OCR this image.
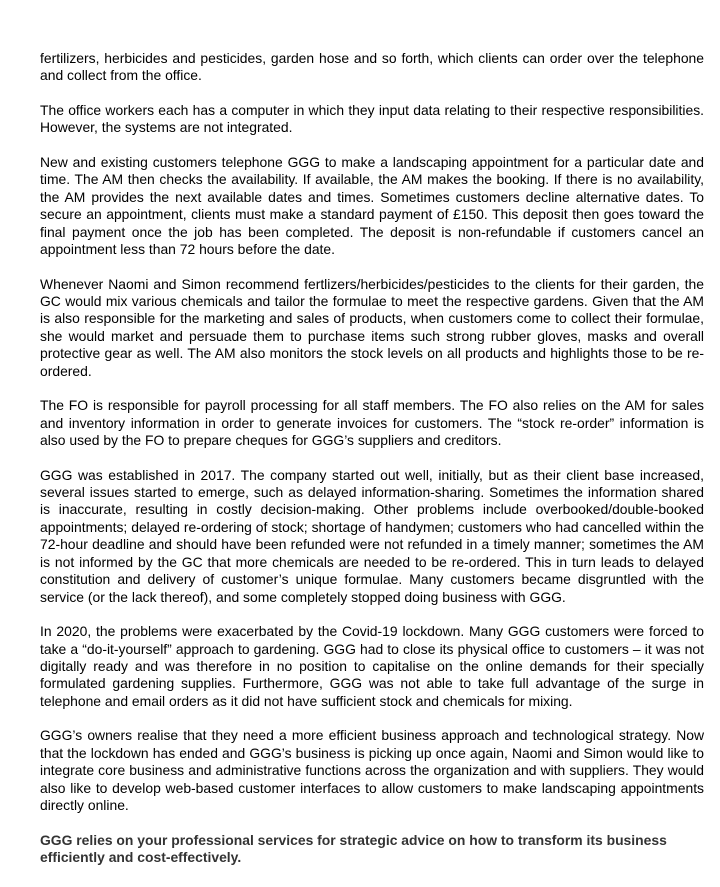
fertilizers, herbicides and pesticides, garden hose and so forth, which clients can order over the telephone and collect from the office.

The office workers each has a computer in which they input data relating to their respective responsibilities. However, the systems are not integrated.

New and existing customers telephone GGG to make a landscaping appointment for a particular date and time. The AM then checks the availability. If available, the AM makes the booking. If there is no availability, the AM provides the next available dates and times. Sometimes customers decline alternative dates. To secure an appointment, clients must make a standard payment of £150. This deposit then goes toward the final payment once the job has been completed. The deposit is non-refundable if customers cancel an appointment less than 72 hours before the date.

Whenever Naomi and Simon recommend fertlizers/herbicides/pesticides to the clients for their garden, the GC would mix various chemicals and tailor the formulae to meet the respective gardens. Given that the AM is also responsible for the marketing and sales of products, when customers come to collect their formulae, she would market and persuade them to purchase items such strong rubber gloves, masks and overall protective gear as well. The AM also monitors the stock levels on all products and highlights those to be re-ordered.

The FO is responsible for payroll processing for all staff members. The FO also relies on the AM for sales and inventory information in order to generate invoices for customers. The “stock re-order” information is also used by the FO to prepare cheques for GGG’s suppliers and creditors.

GGG was established in 2017. The company started out well, initially, but as their client base increased, several issues started to emerge, such as delayed information-sharing. Sometimes the information shared is inaccurate, resulting in costly decision-making. Other problems include overbooked/double-booked appointments; delayed re-ordering of stock; shortage of handymen; customers who had cancelled within the 72-hour deadline and should have been refunded were not refunded in a timely manner; sometimes the AM is not informed by the GC that more chemicals are needed to be re-ordered. This in turn leads to delayed constitution and delivery of customer’s unique formulae. Many customers became disgruntled with the service (or the lack thereof), and some completely stopped doing business with GGG.

In 2020, the problems were exacerbated by the Covid-19 lockdown. Many GGG customers were forced to take a “do-it-yourself” approach to gardening. GGG had to close its physical office to customers – it was not digitally ready and was therefore in no position to capitalise on the online demands for their specially formulated gardening supplies. Furthermore, GGG was not able to take full advantage of the surge in telephone and email orders as it did not have sufficient stock and chemicals for mixing.

GGG’s owners realise that they need a more efficient business approach and technological strategy. Now that the lockdown has ended and GGG’s business is picking up once again, Naomi and Simon would like to integrate core business and administrative functions across the organization and with suppliers. They would also like to develop web-based customer interfaces to allow customers to make landscaping appointments directly online.

GGG relies on your professional services for strategic advice on how to transform its business efficiently and cost-effectively.
